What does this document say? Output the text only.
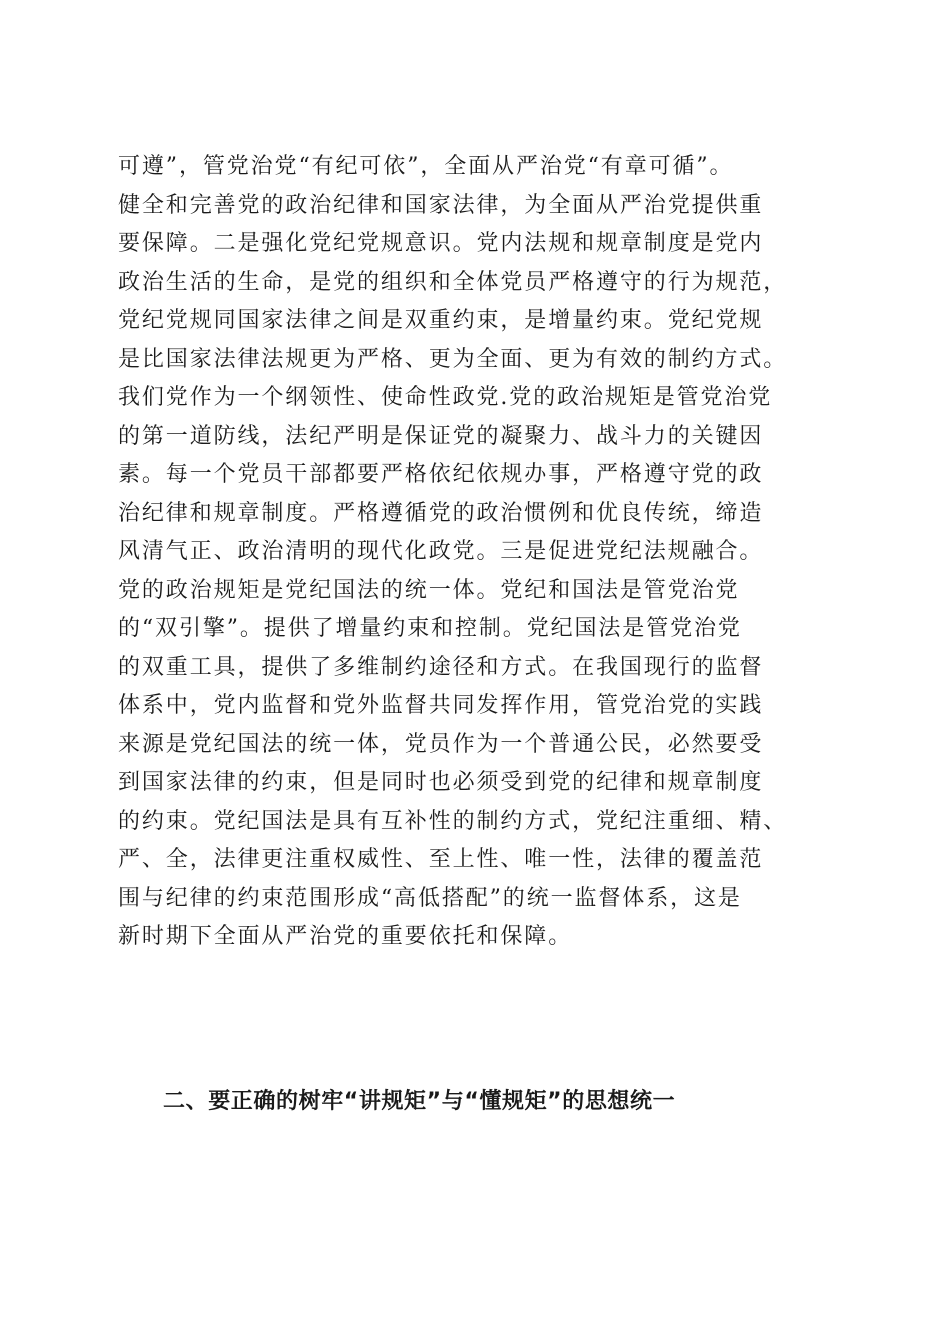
可遵”，管党治党“有纪可依”，全面从严治党“有章可循”。
健全和完善党的政治纪律和国家法律，为全面从严治党提供重
要保障。二是强化党纪党规意识。党内法规和规章制度是党内
政治生活的生命，是党的组织和全体党员严格遵守的行为规范，
党纪党规同国家法律之间是双重约束，是增量约束。党纪党规
是比国家法律法规更为严格、更为全面、更为有效的制约方式。
我们党作为一个纲领性、使命性政党.党的政治规矩是管党治党
的第一道防线，法纪严明是保证党的凝聚力、战斗力的关键因
素。每一个党员干部都要严格依纪依规办事，严格遵守党的政
治纪律和规章制度。严格遵循党的政治惯例和优良传统，缔造
风清气正、政治清明的现代化政党。三是促进党纪法规融合。
党的政治规矩是党纪国法的统一体。党纪和国法是管党治党
的“双引擎”。提供了增量约束和控制。党纪国法是管党治党
的双重工具，提供了多维制约途径和方式。在我国现行的监督
体系中，党内监督和党外监督共同发挥作用，管党治党的实践
来源是党纪国法的统一体，党员作为一个普通公民，必然要受
到国家法律的约束，但是同时也必须受到党的纪律和规章制度
的约束。党纪国法是具有互补性的制约方式，党纪注重细、精、
严、全，法律更注重权威性、至上性、唯一性，法律的覆盖范
围与纪律的约束范围形成“高低搭配”的统一监督体系，这是
新时期下全面从严治党的重要依托和保障。
二、要正确的树牢“讲规矩”与“懂规矩”的思想统一
